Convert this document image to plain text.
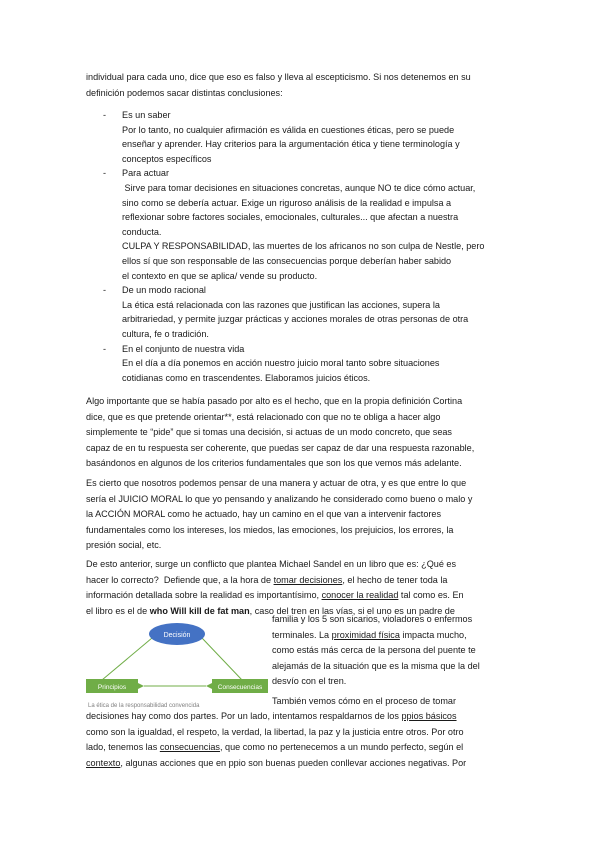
individual para cada uno, dice que eso es falso y lleva al escepticismo. Si nos detenemos en su
definición podemos sacar distintas conclusiones:

- Es un saber
Por lo tanto, no cualquier afirmación es válida en cuestiones éticas, pero se puede
enseñar y aprender. Hay criterios para la argumentación ética y tiene terminología y
conceptos específicos
- Para actuar
Sirve para tomar decisiones en situaciones concretas, aunque NO te dice cómo actuar,
sino como se debería actuar. Exige un riguroso análisis de la realidad e impulsa a
reflexionar sobre factores sociales, emocionales, culturales... que afectan a nuestra
conducta.
CULPA Y RESPONSABILIDAD, las muertes de los africanos no son culpa de Nestle, pero
ellos sí que son responsable de las consecuencias porque deberían haber sabido
el contexto en que se aplica/ vende su producto.
- De un modo racional
La ética está relacionada con las razones que justifican las acciones, supera la
arbitrariedad, y permite juzgar prácticas y acciones morales de otras personas de otra
cultura, fe o tradición.
- En el conjunto de nuestra vida
En el día a día ponemos en acción nuestro juicio moral tanto sobre situaciones
cotidianas como en trascendentes. Elaboramos juicios éticos.

Algo importante que se había pasado por alto es el hecho, que en la propia definición Cortina
dice, que es que pretende orientar**, está relacionado con que no te obliga a hacer algo
simplemente te “pide” que si tomas una decisión, si actuas de un modo concreto, que seas
capaz de en tu respuesta ser coherente, que puedas ser capaz de dar una respuesta razonable,
basándonos en algunos de los criterios fundamentales que son los que vemos más adelante.

Es cierto que nosotros podemos pensar de una manera y actuar de otra, y es que entre lo que
sería el JUICIO MORAL lo que yo pensando y analizando he considerado como bueno o malo y
la ACCIÓN MORAL como he actuado, hay un camino en el que van a intervenir factores
fundamentales como los intereses, los miedos, las emociones, los prejuicios, los errores, la
presión social, etc.

De esto anterior, surge un conflicto que plantea Michael Sandel en un libro que es: ¿Qué es
hacer lo correcto?  Defiende que, a la hora de tomar decisiones, el hecho de tener toda la
información detallada sobre la realidad es importantísimo, conocer la realidad tal como es. En
el libro es el de who Will kill de fat man, caso del tren en las vías, si el uno es un padre de

familia y los 5 son sicarios, violadores o enfermos
terminales. La proximidad física impacta mucho,
como estás más cerca de la persona del puente te
alejamás de la situación que es la misma que la del
desvío con el tren.

Decisión
Principios	Consecuencias
La ética de la responsabilidad convencida	También vemos cómo en el proceso de tomar

decisiones hay como dos partes. Por un lado, intentamos respaldarnos de los ppios básicos
como son la igualdad, el respeto, la verdad, la libertad, la paz y la justicia entre otros. Por otro
lado, tenemos las consecuencias, que como no pertenecemos a un mundo perfecto, según el
contexto, algunas acciones que en ppio son buenas pueden conllevar acciones negativas. Por
